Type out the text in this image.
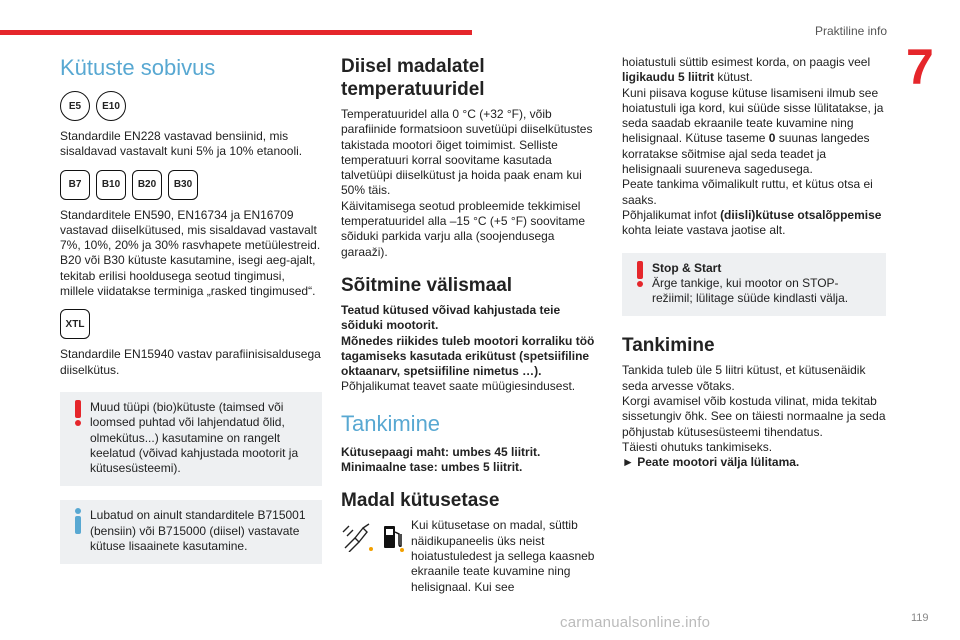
Praktiline info
7
Kütuste sobivus
E5	E10

Standardile EN228 vastavad bensiinid, mis sisaldavad vastavalt kuni 5% ja 10% etanooli.

B7	B10	B20	B30

Standarditele EN590, EN16734 ja EN16709 vastavad diiselkütused, mis sisaldavad vastavalt 7%, 10%, 20% ja 30% rasvhapete metüülestreid. B20 või B30 kütuste kasutamine, isegi aeg-ajalt, tekitab erilisi hooldusega seotud tingimusi, millele viidatakse terminiga „rasked tingimused“.

XTL

Standardile EN15940 vastav parafiinisisaldusega diiselkütus.

Muud tüüpi (bio)kütuste (taimsed või loomsed puhtad või lahjendatud õlid, olmekütus...) kasutamine on rangelt keelatud (võivad kahjustada mootorit ja kütusesüsteemi).

Lubatud on ainult standarditele B715001 (bensiin) või B715000 (diisel) vastavate kütuse lisaainete kasutamine.

Diisel madalatel temperatuuridel

Temperatuuridel alla 0 °C (+32 °F), võib parafiinide formatsioon suvetüüpi diiselkütustes takistada mootori õiget toimimist. Selliste temperatuuri korral soovitame kasutada talvetüüpi diiselkütust ja hoida paak enam kui 50% täis.

Käivitamisega seotud probleemide tekkimisel temperatuuridel alla –15 °C (+5 °F) soovitame sõiduki parkida varju alla (soojendusega garaaži).

Sõitmine välismaal

Teatud kütused võivad kahjustada teie sõiduki mootorit.

Mõnedes riikides tuleb mootori korraliku töö tagamiseks kasutada erikütust (spetsiifiline oktaanarv, spetsiifiline nimetus …).

Põhjalikumat teavet saate müügiesindusest.

Tankimine

Kütusepaagi maht: umbes 45 liitrit.

Minimaalne tase: umbes 5 liitrit.

Madal kütusetase

Kui kütusetase on madal, süttib näidikupaneelis üks neist hoiatustuledest ja sellega kaasneb ekraanile teate kuvamine ning helisignaal. Kui see

hoiatustuli süttib esimest korda, on paagis veel ligikaudu 5 liitrit kütust.

Kuni piisava koguse kütuse lisamiseni ilmub see hoiatustuli iga kord, kui süüde sisse lülitatakse, ja seda saadab ekraanile teate kuvamine ning helisignaal. Kütuse taseme 0 suunas langedes korratakse sõitmise ajal seda teadet ja helisignaali suureneva sagedusega.

Peate tankima võimalikult ruttu, et kütus otsa ei saaks.

Põhjalikumat infot (diisli)kütuse otsalõppemise kohta leiate vastava jaotise alt.

Stop & Start

Ärge tankige, kui mootor on STOP-režiimil; lülitage süüde kindlasti välja.

Tankimine

Tankida tuleb üle 5 liitri kütust, et kütusenäidik seda arvesse võtaks.

Korgi avamisel võib kostuda vilinat, mida tekitab sissetungiv õhk. See on täiesti normaalne ja seda põhjustab kütusesüsteemi tihendatus.

Täiesti ohutuks tankimiseks.

► Peate mootori välja lülitama.

carmanualsonline.info	119
